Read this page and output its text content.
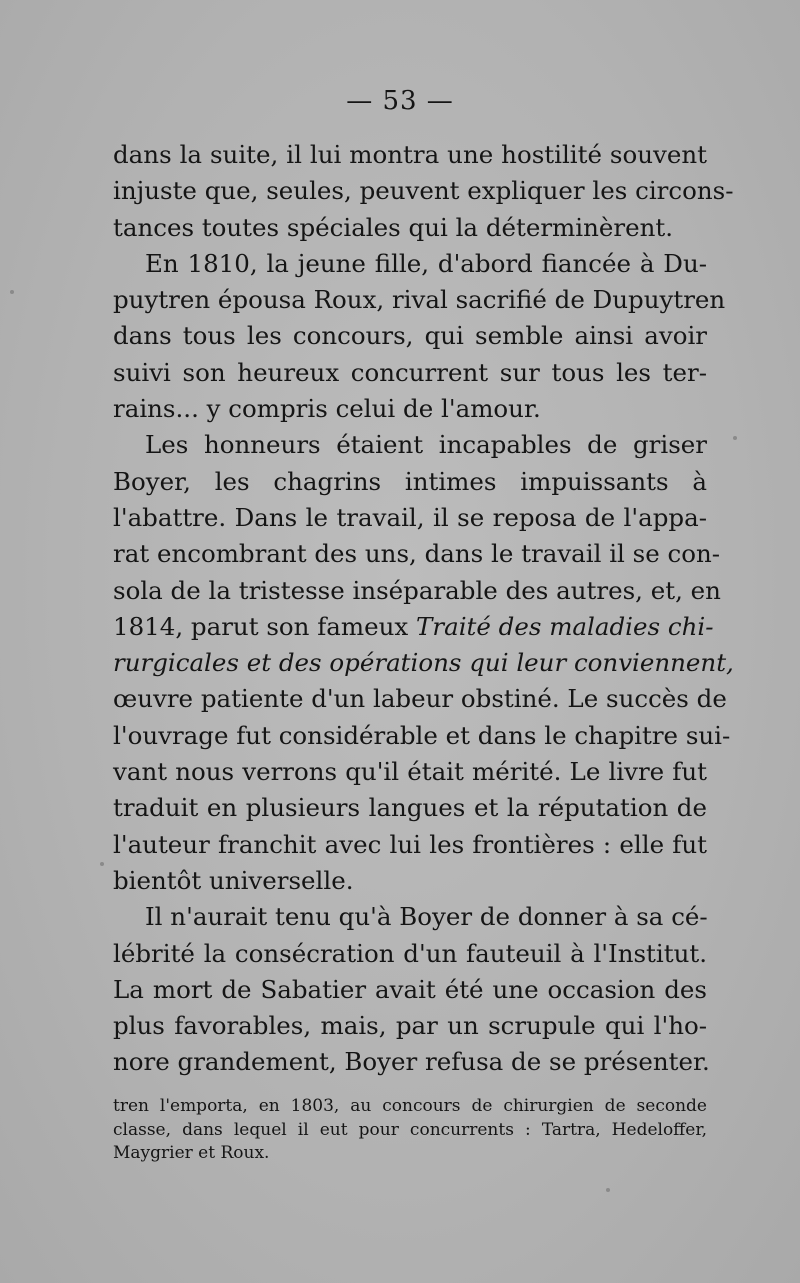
— 53 —
dans la suite, il lui montra une hostilité souvent
injuste que, seules, peuvent expliquer les circons-
tances toutes spéciales qui la déterminèrent.
En 1810, la jeune fille, d'abord fiancée à Du-
puytren épousa Roux, rival sacrifié de Dupuytren
dans tous les concours, qui semble ainsi avoir
suivi son heureux concurrent sur tous les ter-
rains... y compris celui de l'amour.
Les honneurs étaient incapables de griser
Boyer, les chagrins intimes impuissants à
l'abattre. Dans le travail, il se reposa de l'appa-
rat encombrant des uns, dans le travail il se con-
sola de la tristesse inséparable des autres, et, en
1814, parut son fameux Traité des maladies chi-
rurgicales et des opérations qui leur conviennent,
œuvre patiente d'un labeur obstiné. Le succès de
l'ouvrage fut considérable et dans le chapitre sui-
vant nous verrons qu'il était mérité. Le livre fut
traduit en plusieurs langues et la réputation de
l'auteur franchit avec lui les frontières : elle fut
bientôt universelle.
Il n'aurait tenu qu'à Boyer de donner à sa cé-
lébrité la consécration d'un fauteuil à l'Institut.
La mort de Sabatier avait été une occasion des
plus favorables, mais, par un scrupule qui l'ho-
nore grandement, Boyer refusa de se présenter.
tren l'emporta, en 1803, au concours de chirurgien de seconde
classe, dans lequel il eut pour concurrents : Tartra, Hedeloffer,
Maygrier et Roux.
